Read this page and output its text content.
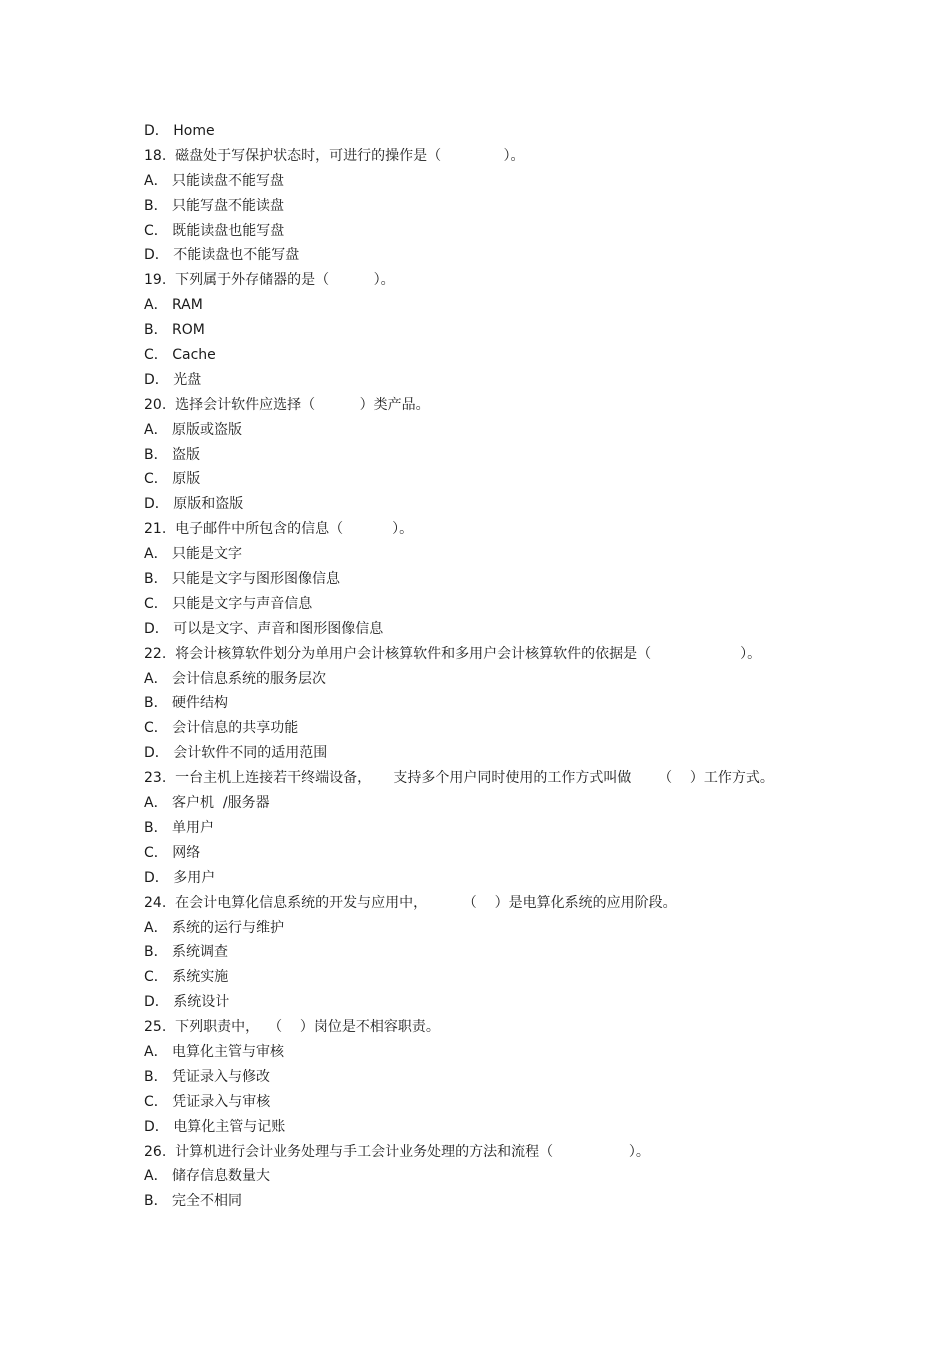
D． Home
18.  磁盘处于写保护状态时，可进行的操作是（              ）。
A． 只能读盘不能写盘
B． 只能写盘不能读盘
C． 既能读盘也能写盘
D． 不能读盘也不能写盘
19.  下列属于外存储器的是（          ）。
A． RAM
B． ROM
C． Cache
D． 光盘
20.  选择会计软件应选择（          ）类产品。
A． 原版或盗版
B． 盗版
C． 原版
D． 原版和盗版
21.  电子邮件中所包含的信息（           ）。
A． 只能是文字
B． 只能是文字与图形图像信息
C． 只能是文字与声音信息
D． 可以是文字、声音和图形图像信息
22.  将会计核算软件划分为单用户会计核算软件和多用户会计核算软件的依据是（                    ）。
A． 会计信息系统的服务层次
B． 硬件结构
C． 会计信息的共享功能
D． 会计软件不同的适用范围
23.  一台主机上连接若干终端设备，     支持多个用户同时使用的工作方式叫做      （    ）工作方式。
A． 客户机  /服务器
B． 单用户
C． 网络
D． 多用户
24.  在会计电算化信息系统的开发与应用中，        （    ）是电算化系统的应用阶段。
A． 系统的运行与维护
B． 系统调查
C． 系统实施
D． 系统设计
25.  下列职责中，  （    ）岗位是不相容职责。
A． 电算化主管与审核
B． 凭证录入与修改
C． 凭证录入与审核
D． 电算化主管与记账
26.  计算机进行会计业务处理与手工会计业务处理的方法和流程（                 ）。
A． 储存信息数量大
B． 完全不相同
